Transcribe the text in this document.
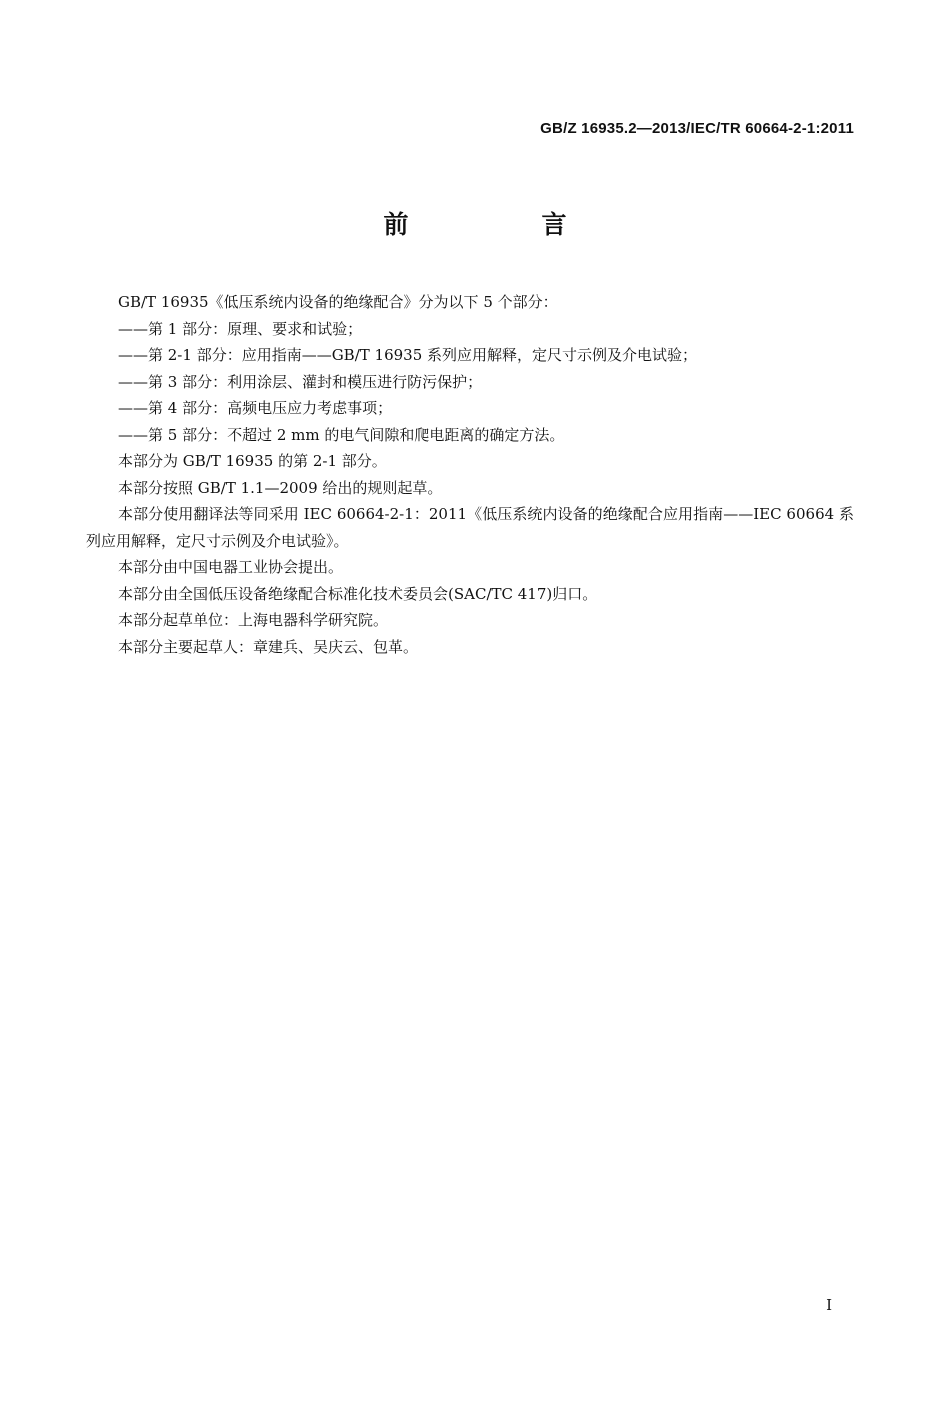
GB/Z 16935.2—2013/IEC/TR 60664-2-1:2011
前　言

GB/T 16935《低压系统内设备的绝缘配合》分为以下 5 个部分：

——第 1 部分：原理、要求和试验；

——第 2-1 部分：应用指南——GB/T 16935 系列应用解释，定尺寸示例及介电试验；

——第 3 部分：利用涂层、灌封和模压进行防污保护；

——第 4 部分：高频电压应力考虑事项；

——第 5 部分：不超过 2 mm 的电气间隙和爬电距离的确定方法。

本部分为 GB/T 16935 的第 2-1 部分。

本部分按照 GB/T 1.1—2009 给出的规则起草。

本部分使用翻译法等同采用 IEC 60664-2-1：2011《低压系统内设备的绝缘配合应用指南——IEC 60664 系列应用解释，定尺寸示例及介电试验》。

本部分由中国电器工业协会提出。

本部分由全国低压设备绝缘配合标准化技术委员会(SAC/TC 417)归口。

本部分起草单位：上海电器科学研究院。

本部分主要起草人：章建兵、吴庆云、包革。

I
